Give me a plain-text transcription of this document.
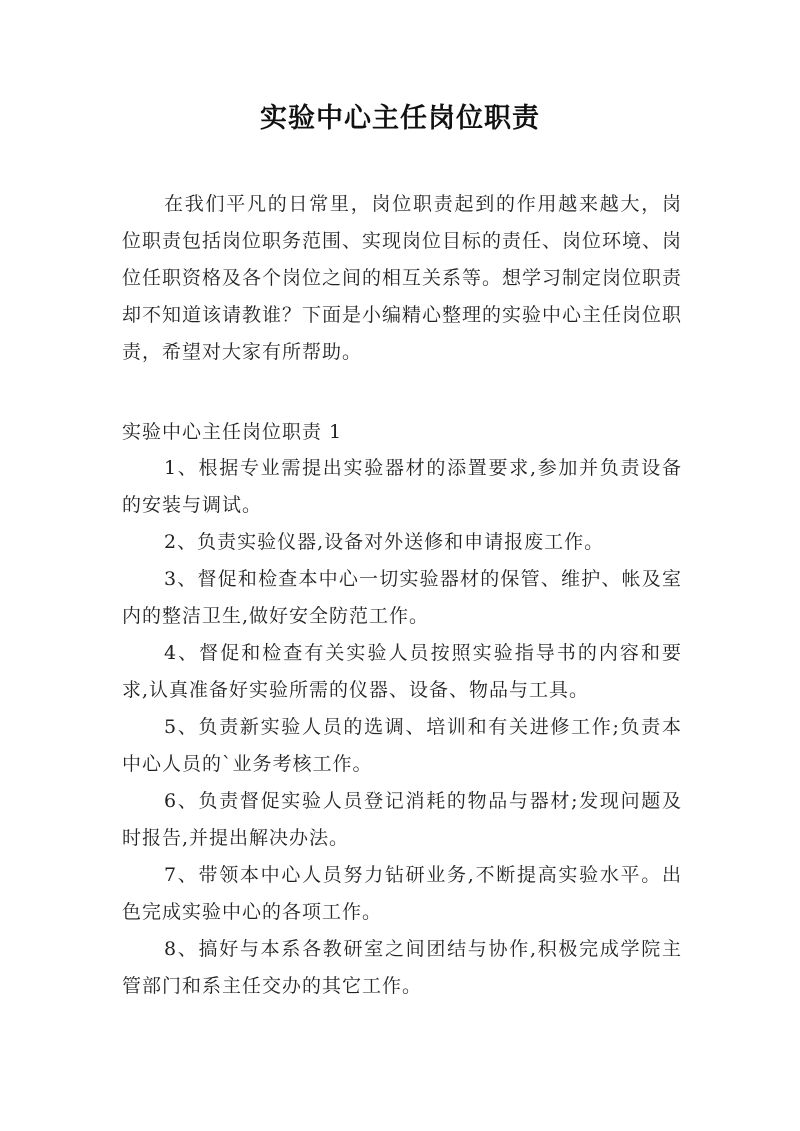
实验中心主任岗位职责
在我们平凡的日常里，岗位职责起到的作用越来越大，岗位职责包括岗位职务范围、实现岗位目标的责任、岗位环境、岗位任职资格及各个岗位之间的相互关系等。想学习制定岗位职责却不知道该请教谁？下面是小编精心整理的实验中心主任岗位职责，希望对大家有所帮助。
实验中心主任岗位职责 1

1、根据专业需提出实验器材的添置要求,参加并负责设备的安装与调试。

2、负责实验仪器,设备对外送修和申请报废工作。

3、督促和检查本中心一切实验器材的保管、维护、帐及室内的整洁卫生,做好安全防范工作。

4、督促和检查有关实验人员按照实验指导书的内容和要求,认真准备好实验所需的仪器、设备、物品与工具。

5、负责新实验人员的选调、培训和有关进修工作;负责本中心人员的`业务考核工作。

6、负责督促实验人员登记消耗的物品与器材;发现问题及时报告,并提出解决办法。

7、带领本中心人员努力钻研业务,不断提高实验水平。出色完成实验中心的各项工作。

8、搞好与本系各教研室之间团结与协作,积极完成学院主管部门和系主任交办的其它工作。
